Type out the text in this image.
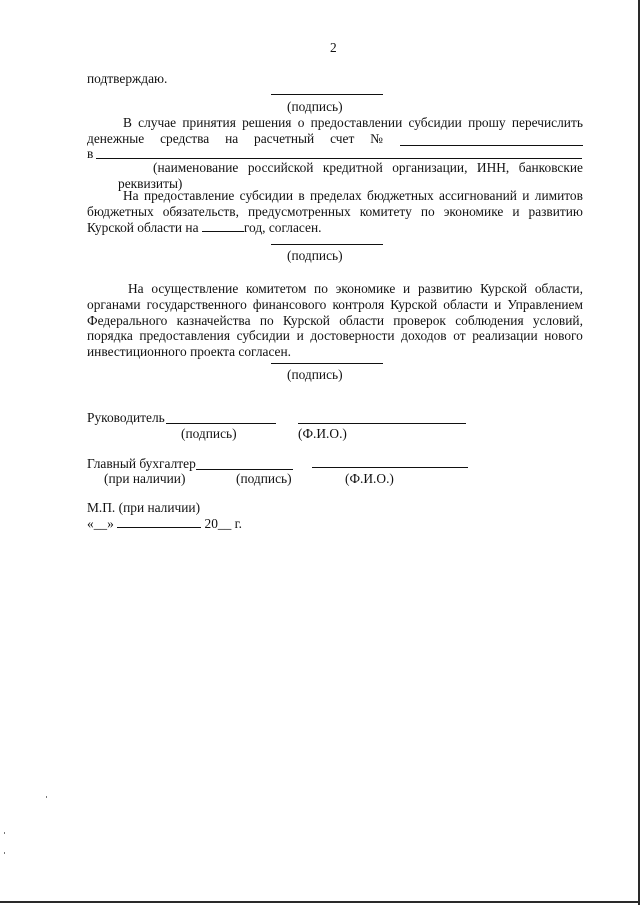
2
подтверждаю.
(подпись)
В случае принятия решения о предоставлении субсидии прошу перечислить
денежные средства на расчетный счет №
в
(наименование российской кредитной организации, ИНН, банковские
реквизиты)
На предоставление субсидии в пределах бюджетных ассигнований и лимитов
бюджетных обязательств, предусмотренных комитету по экономике и развитию
Курской области на	год, согласен.
(подпись)
На осуществление комитетом по экономике и развитию Курской области,
органами государственного финансового контроля Курской области и Управлением
Федерального казначейства по Курской области проверок соблюдения условий,
порядка предоставления субсидии и достоверности доходов от реализации нового
инвестиционного проекта согласен.
(подпись)
Руководитель
(подпись)	(Ф.И.О.)
Главный бухгалтер
(при наличии)	(подпись)	(Ф.И.О.)
М.П. (при наличии)
«__»	20__ г.
